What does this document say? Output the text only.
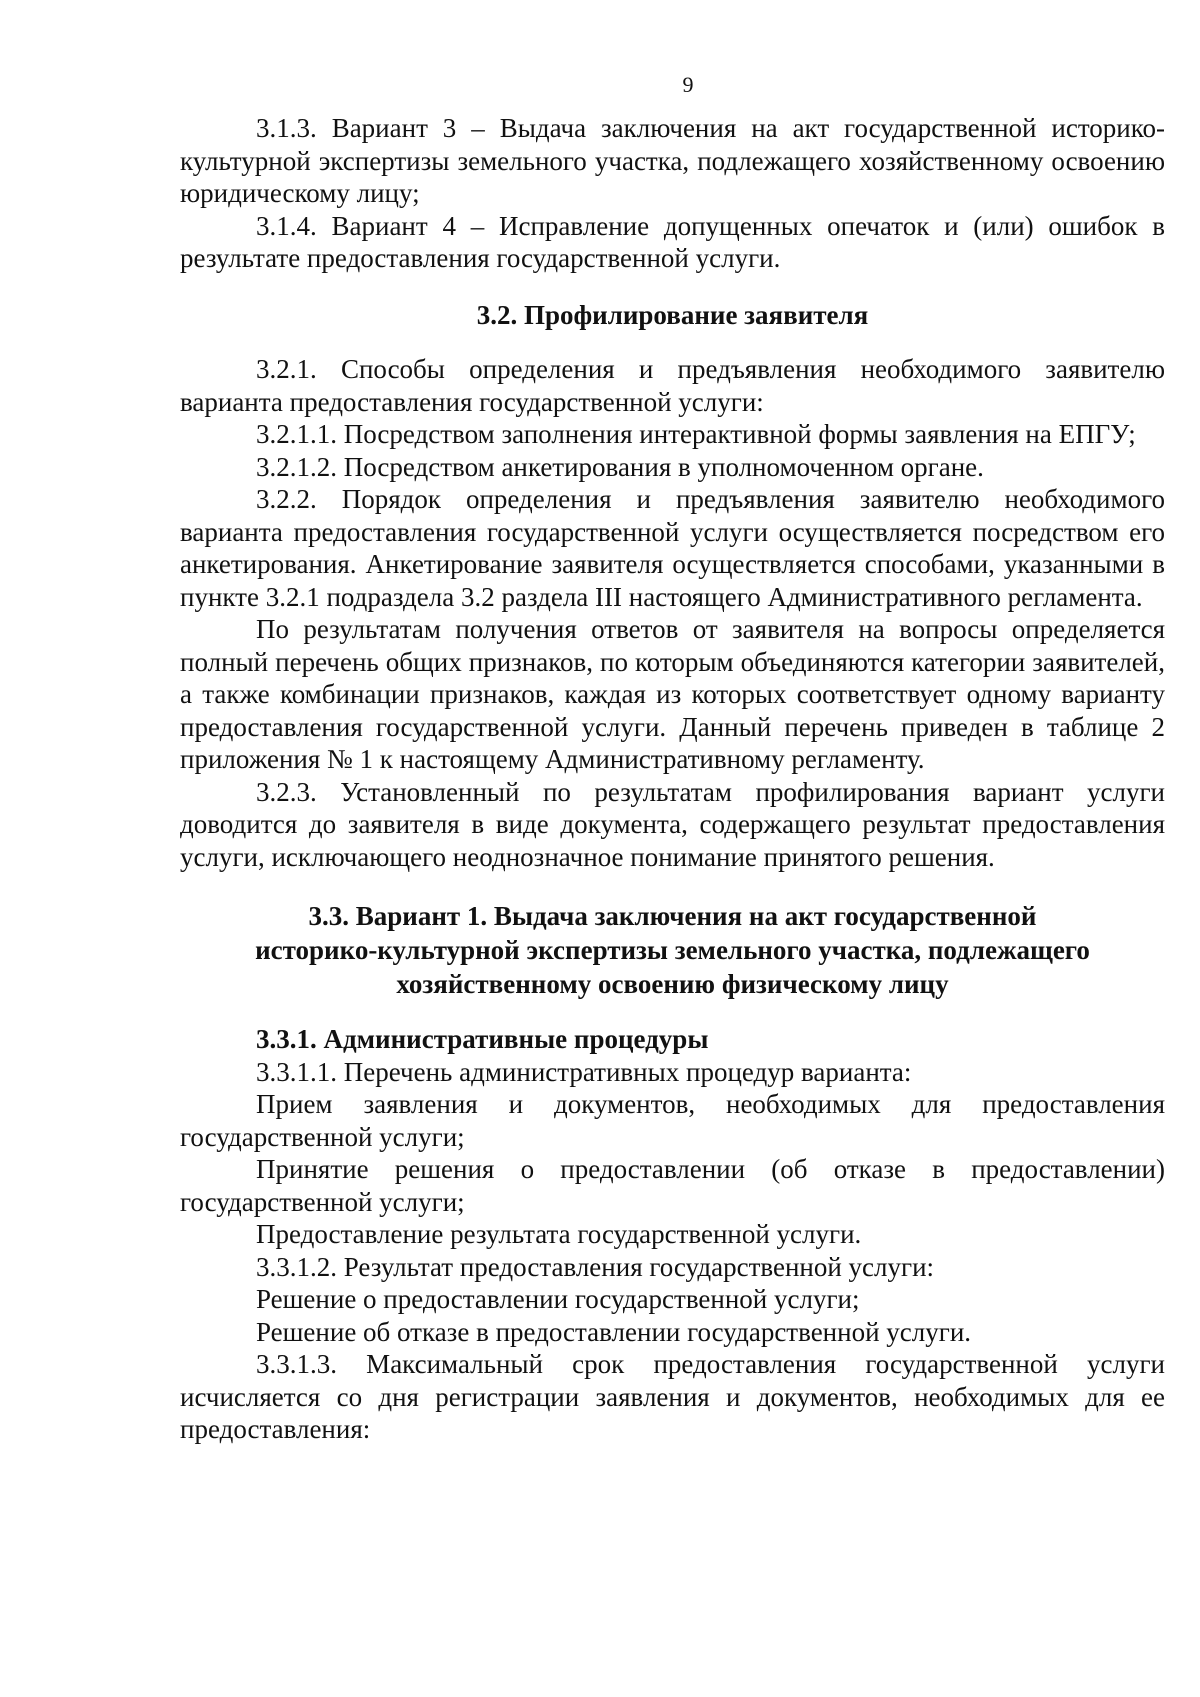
9

3.1.3. Вариант 3 – Выдача заключения на акт государственной историко-культурной экспертизы земельного участка, подлежащего хозяйственному освоению юридическому лицу;

3.1.4. Вариант 4 – Исправление допущенных опечаток и (или) ошибок в результате предоставления государственной услуги.

3.2. Профилирование заявителя

3.2.1. Способы определения и предъявления необходимого заявителю варианта предоставления государственной услуги:

3.2.1.1. Посредством заполнения интерактивной формы заявления на ЕПГУ;

3.2.1.2. Посредством анкетирования в уполномоченном органе.

3.2.2. Порядок определения и предъявления заявителю необходимого варианта предоставления государственной услуги осуществляется посредством его анкетирования. Анкетирование заявителя осуществляется способами, указанными в пункте 3.2.1 подраздела 3.2 раздела III настоящего Административного регламента.

По результатам получения ответов от заявителя на вопросы определяется полный перечень общих признаков, по которым объединяются категории заявителей, а также комбинации признаков, каждая из которых соответствует одному варианту предоставления государственной услуги. Данный перечень приведен в таблице 2 приложения № 1 к настоящему Административному регламенту.

3.2.3. Установленный по результатам профилирования вариант услуги доводится до заявителя в виде документа, содержащего результат предоставления услуги, исключающего неоднозначное понимание принятого решения.

3.3. Вариант 1. Выдача заключения на акт государственной
историко-культурной экспертизы земельного участка, подлежащего
хозяйственному освоению физическому лицу
3.3.1. Административные процедуры

3.3.1.1. Перечень административных процедур варианта:

Прием заявления и документов, необходимых для предоставления государственной услуги;

Принятие решения о предоставлении (об отказе в предоставлении) государственной услуги;

Предоставление результата государственной услуги.

3.3.1.2. Результат предоставления государственной услуги:

Решение о предоставлении государственной услуги;

Решение об отказе в предоставлении государственной услуги.

3.3.1.3. Максимальный срок предоставления государственной услуги исчисляется со дня регистрации заявления и документов, необходимых для ее предоставления:
